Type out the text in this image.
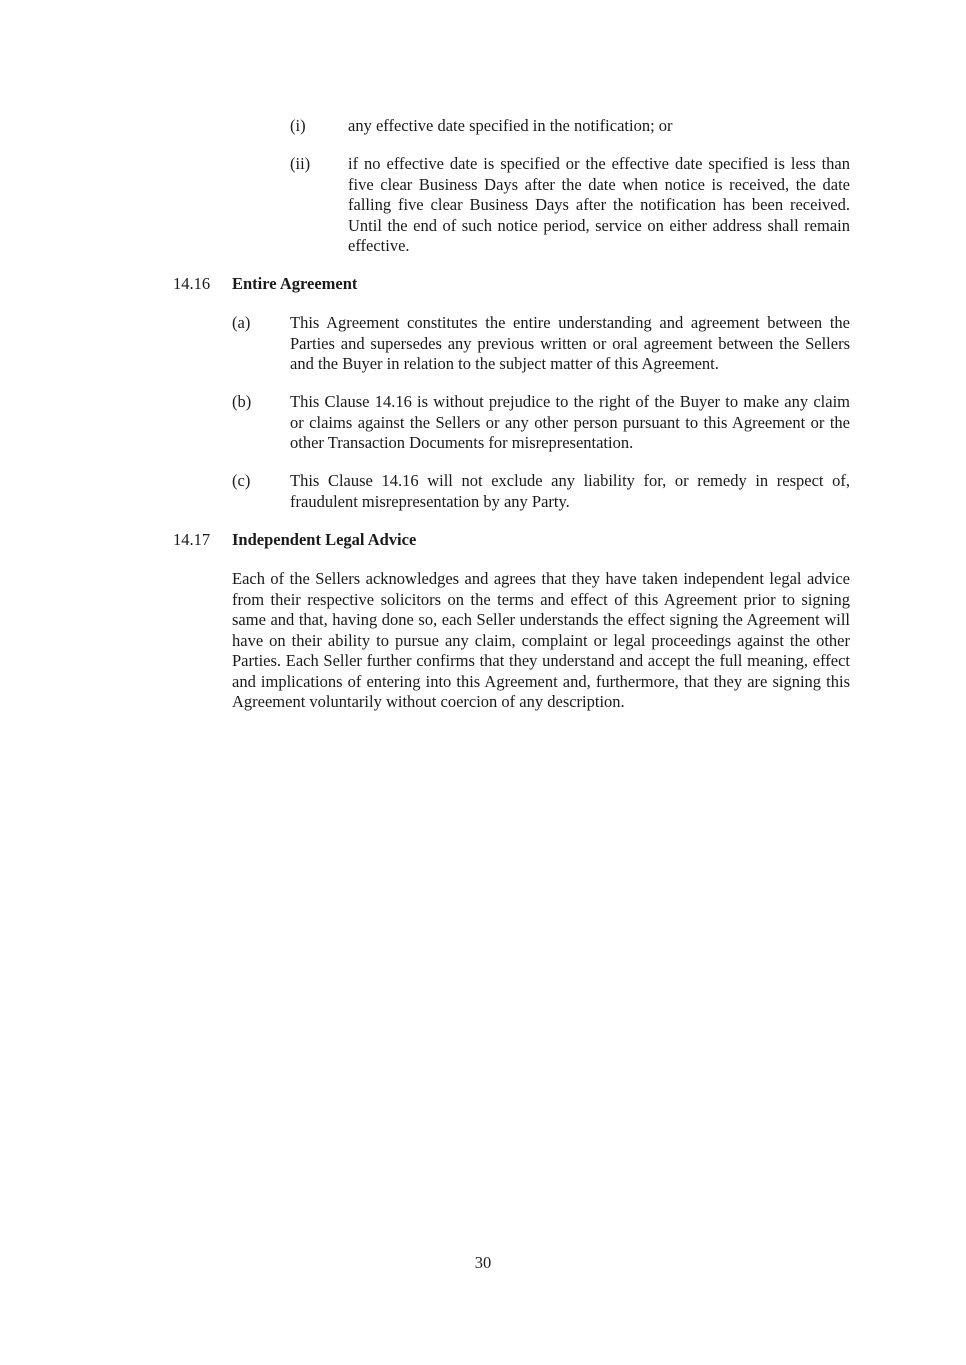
(i)	any effective date specified in the notification; or

(ii) if no effective date is specified or the effective date specified is less than five clear Business Days after the date when notice is received, the date falling five clear Business Days after the notification has been received. Until the end of such notice period, service on either address shall remain effective.

14.16 Entire Agreement
(a) This Agreement constitutes the entire understanding and agreement between the Parties and supersedes any previous written or oral agreement between the Sellers and the Buyer in relation to the subject matter of this Agreement.

(b) This Clause 14.16 is without prejudice to the right of the Buyer to make any claim or claims against the Sellers or any other person pursuant to this Agreement or the other Transaction Documents for misrepresentation.

(c) This Clause 14.16 will not exclude any liability for, or remedy in respect of, fraudulent misrepresentation by any Party.

14.17 Independent Legal Advice

Each of the Sellers acknowledges and agrees that they have taken independent legal advice from their respective solicitors on the terms and effect of this Agreement prior to signing same and that, having done so, each Seller understands the effect signing the Agreement will have on their ability to pursue any claim, complaint or legal proceedings against the other Parties. Each Seller further confirms that they understand and accept the full meaning, effect and implications of entering into this Agreement and, furthermore, that they are signing this Agreement voluntarily without coercion of any description.

30
